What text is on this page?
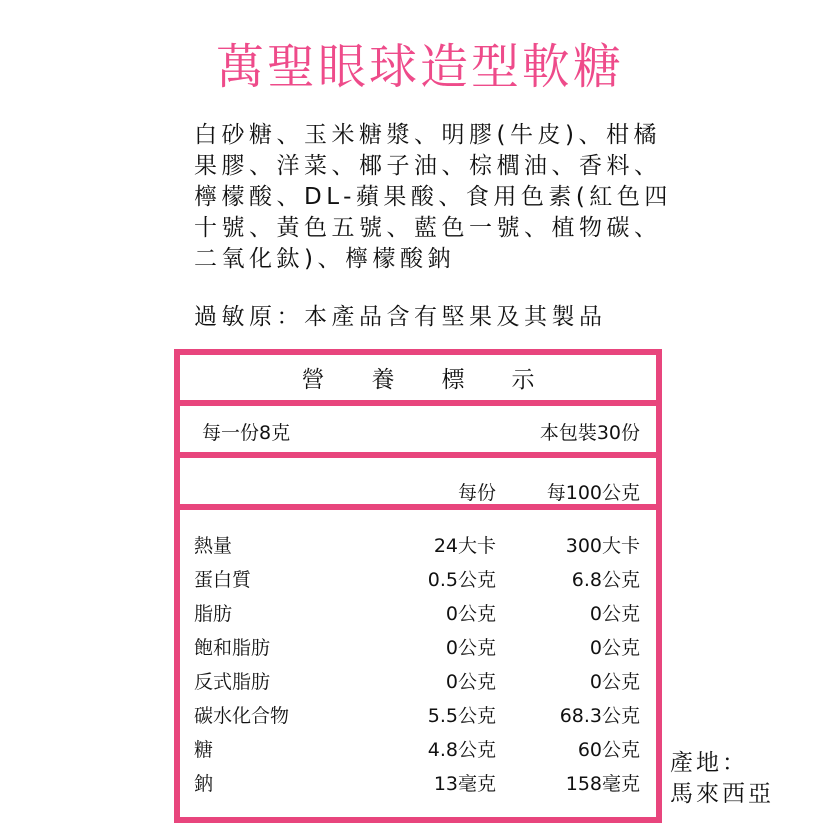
萬聖眼球造型軟糖
白砂糖、玉米糖漿、明膠(牛皮)、柑橘果膠、洋菜、椰子油、棕櫚油、香料、檸檬酸、DL-蘋果酸、食用色素(紅色四十號、黃色五號、藍色一號、植物碳、二氧化鈦)、檸檬酸鈉
過敏原：本產品含有堅果及其製品
營	養	標	示
每一份8克	本包裝30份
每份	每100公克
熱量	24大卡	300大卡
蛋白質	0.5公克	6.8公克
脂肪	0公克	0公克
飽和脂肪	0公克	0公克
反式脂肪	0公克	0公克
碳水化合物	5.5公克	68.3公克
糖	4.8公克	60公克
鈉	13毫克	158毫克
產地：
馬來西亞
